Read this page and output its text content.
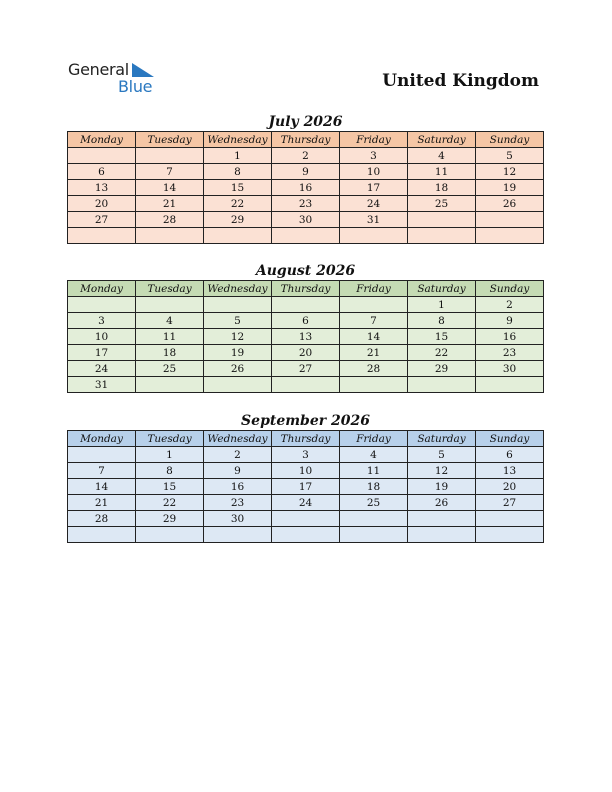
General
Blue	United Kingdom
July 2026
Monday	Tuesday	Wednesday	Thursday	Friday	Saturday	Sunday
		1	2	3	4	5
6	7	8	9	10	11	12
13	14	15	16	17	18	19
20	21	22	23	24	25	26
27	28	29	30	31		

August 2026
Monday	Tuesday	Wednesday	Thursday	Friday	Saturday	Sunday
					1	2
3	4	5	6	7	8	9
10	11	12	13	14	15	16
17	18	19	20	21	22	23
24	25	26	27	28	29	30
31						
September 2026
Monday	Tuesday	Wednesday	Thursday	Friday	Saturday	Sunday
	1	2	3	4	5	6
7	8	9	10	11	12	13
14	15	16	17	18	19	20
21	22	23	24	25	26	27
28	29	30				
